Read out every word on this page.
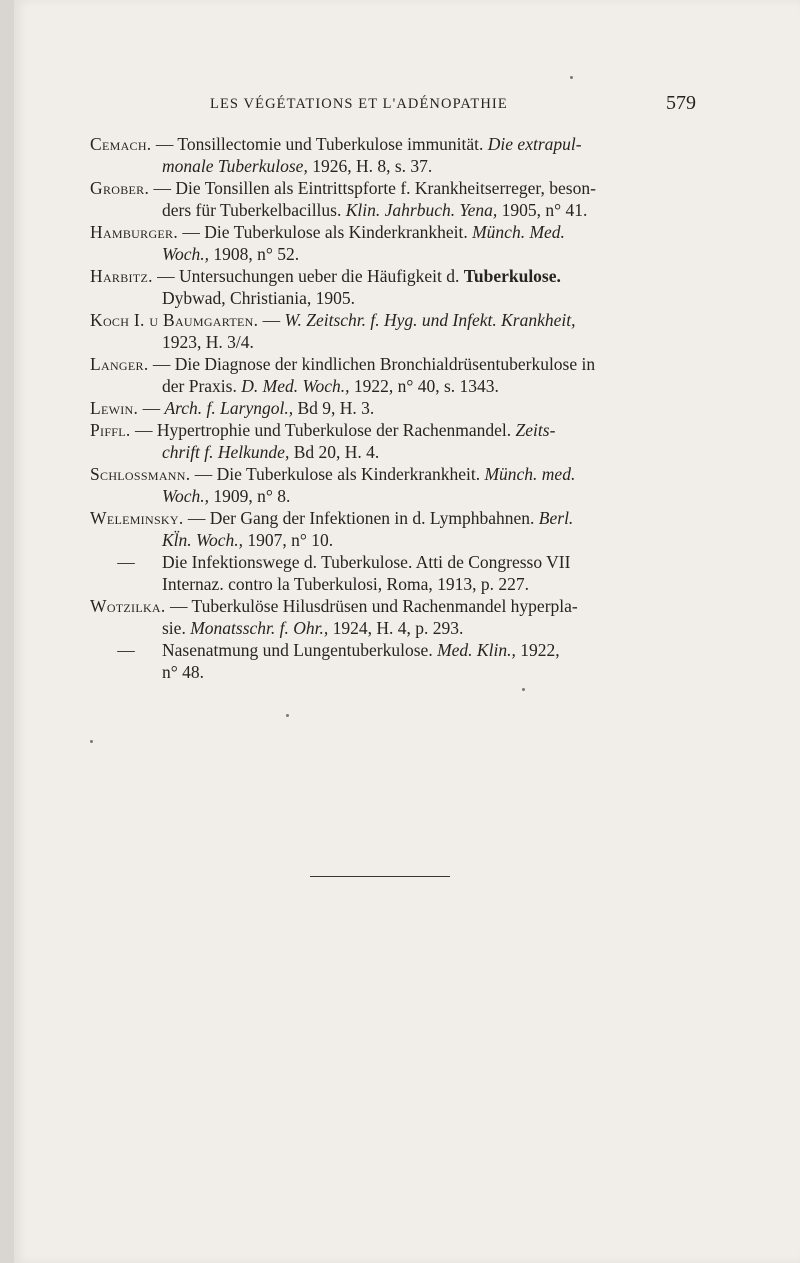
LES VÉGÉTATIONS ET L'ADÉNOPATHIE	579
Cemach. — Tonsillectomie und Tuberkulose immunität. Die extrapul-
monale Tuberkulose, 1926, H. 8, s. 37.
Grober. — Die Tonsillen als Eintrittspforte f. Krankheitserreger, beson-
ders für Tuberkelbacillus. Klin. Jahrbuch. Yena, 1905, n° 41.
Hamburger. — Die Tuberkulose als Kinderkrankheit. Münch. Med.
Woch., 1908, n° 52.
Harbitz. — Untersuchungen ueber die Häufigkeit d. Tuberkulose.
Dybwad, Christiania, 1905.
Koch I. u Baumgarten. — W. Zeitschr. f. Hyg. und Infekt. Krankheit,
1923, H. 3/4.
Langer. — Die Diagnose der kindlichen Bronchialdrüsentuberkulose in
der Praxis. D. Med. Woch., 1922, n° 40, s. 1343.
Lewin. — Arch. f. Laryngol., Bd 9, H. 3.
Piffl. — Hypertrophie und Tuberkulose der Rachenmandel. Zeits-
chrift f. Helkunde, Bd 20, H. 4.
Schlossmann. — Die Tuberkulose als Kinderkrankheit. Münch. med.
Woch., 1909, n° 8.
Weleminsky. — Der Gang der Infektionen in d. Lymphbahnen. Berl.
Kl̈n. Woch., 1907, n° 10.
— Die Infektionswege d. Tuberkulose. Atti de Congresso VII
Internaz. contro la Tuberkulosi, Roma, 1913, p. 227.
Wotzilka. — Tuberkulöse Hilusdrüsen und Rachenmandel hyperpla-
sie. Monatsschr. f. Ohr., 1924, H. 4, p. 293.
— Nasenatmung und Lungentuberkulose. Med. Klin., 1922,
n° 48.
